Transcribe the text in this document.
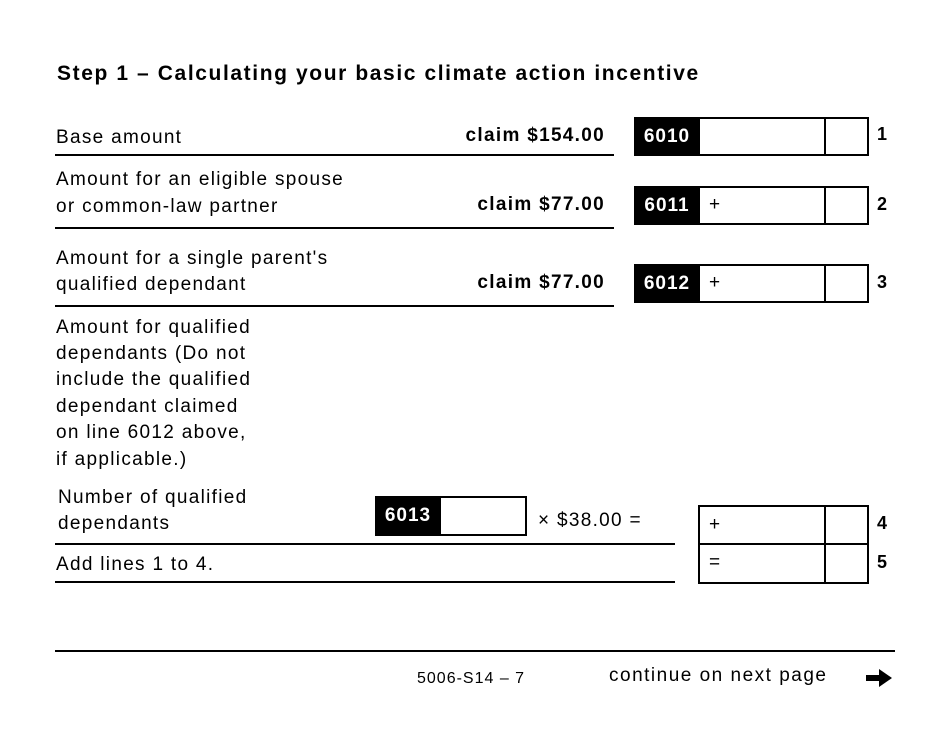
Step 1 – Calculating your basic climate action incentive
Base amount	claim $154.00	6010	1
Amount for an eligible spouse
or common-law partner	claim $77.00	6011	+	2
Amount for a single parent's
qualified dependant	claim $77.00	6012 +	3
Amount for qualified
dependants (Do not
include the qualified
dependant claimed
on line 6012 above,
if applicable.)
Number of qualified
dependants	6013	× $38.00 =	+	4
Add lines 1 to 4.	=	5
5006-S14 – 7	continue on next page
